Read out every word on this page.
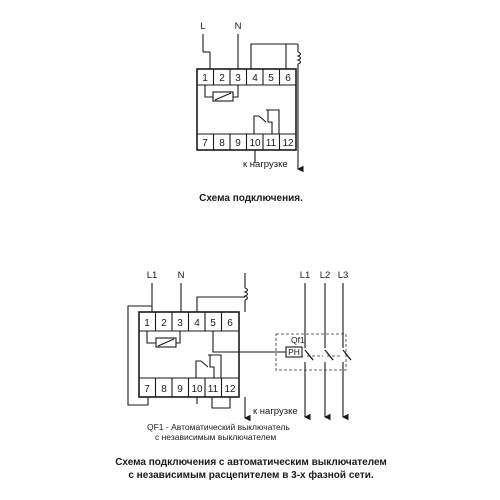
L	N
1 2 3 4 5 6
7 8 9 10 11 12
к нагрузке
Схема подключения.
L1 N	L1 L2 L3
1 2 3 4 5 6
7 8 9 10 11 12
к нагрузке
Qf1
PH
QF1 - Автоматический выключатель
с независимым выключателем
Схема подключения с автоматическим выключателем
с независимым расцепителем в 3-х фазной сети.
